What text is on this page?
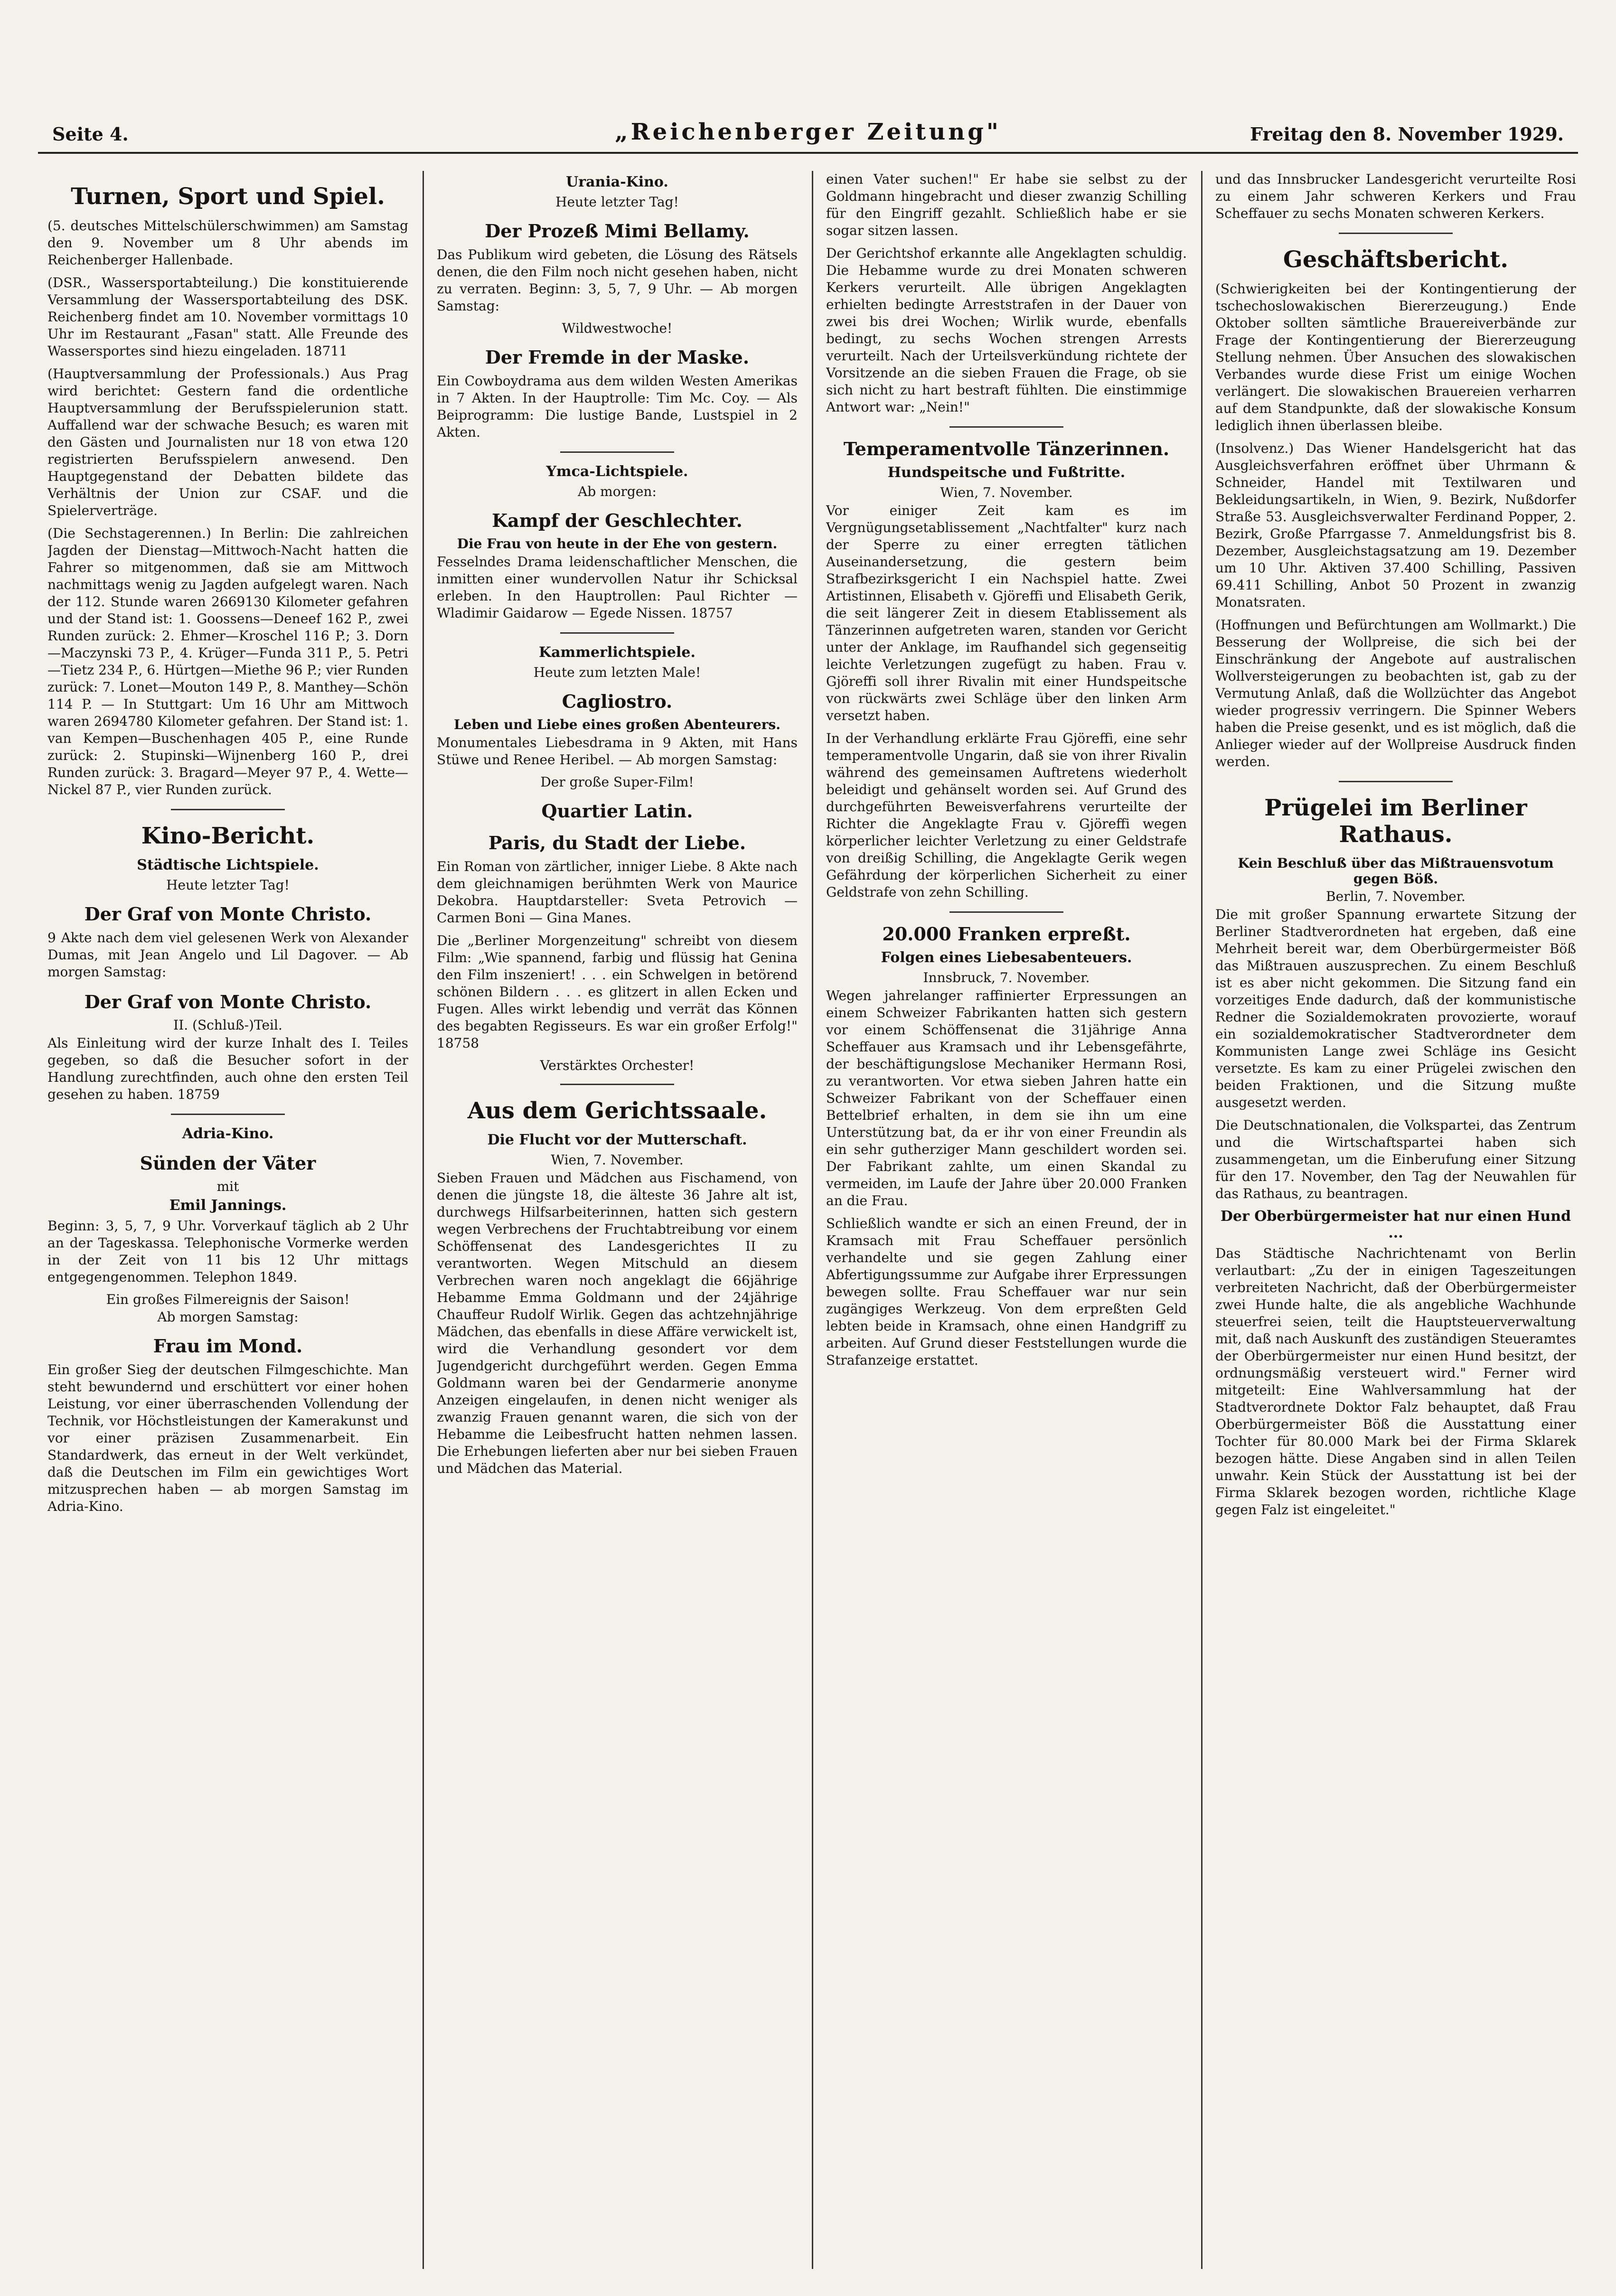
Seite 4.	„Reichenberger Zeitung"	Freitag den 8. November 1929.
Turnen, Sport und Spiel.

(5. deutsches Mittelschülerschwimmen) am Samstag den 9. November um 8 Uhr abends im Reichenberger Hallenbade.

(DSR., Wassersportabteilung.) Die konstituierende Versammlung der Wassersportabteilung des DSK. Reichenberg findet am 10. November vormittags 10 Uhr im Restaurant „Fasan" statt. Alle Freunde des Wassersportes sind hiezu eingeladen. 18711

(Hauptversammlung der Professionals.) Aus Prag wird berichtet: Gestern fand die ordentliche Hauptversammlung der Berufsspielerunion statt. Auffallend war der schwache Besuch; es waren mit den Gästen und Journalisten nur 18 von etwa 120 registrierten Berufsspielern anwesend. Den Hauptgegenstand der Debatten bildete das Verhältnis der Union zur CSAF. und die Spielerverträge.

(Die Sechstagerennen.) In Berlin: Die zahlreichen Jagden der Dienstag—Mittwoch-Nacht hatten die Fahrer so mitgenommen, daß sie am Mittwoch nachmittags wenig zu Jagden aufgelegt waren. Nach der 112. Stunde waren 2669130 Kilometer gefahren und der Stand ist: 1. Goossens—Deneef 162 P., zwei Runden zurück: 2. Ehmer—Kroschel 116 P.; 3. Dorn—Maczynski 73 P., 4. Krüger—Funda 311 P., 5. Petri—Tietz 234 P., 6. Hürtgen—Miethe 96 P.; vier Runden zurück: 7. Lonet—Mouton 149 P., 8. Manthey—Schön 114 P. — In Stuttgart: Um 16 Uhr am Mittwoch waren 2694780 Kilometer gefahren. Der Stand ist: 1. van Kempen—Buschenhagen 405 P., eine Runde zurück: 2. Stupinski—Wijnenberg 160 P., drei Runden zurück: 3. Bragard—Meyer 97 P., 4. Wette—Nickel 87 P., vier Runden zurück.

Kino-Bericht.
Städtische Lichtspiele.
Heute letzter Tag!
Der Graf von Monte Christo.

9 Akte nach dem viel gelesenen Werk von Alexander Dumas, mit Jean Angelo und Lil Dagover. — Ab morgen Samstag:

Der Graf von Monte Christo.
II. (Schluß-)Teil.

Als Einleitung wird der kurze Inhalt des I. Teiles gegeben, so daß die Besucher sofort in der Handlung zurechtfinden, auch ohne den ersten Teil gesehen zu haben. 18759

Adria-Kino.
Sünden der Väter
mit
Emil Jannings.

Beginn: 3, 5, 7, 9 Uhr. Vorverkauf täglich ab 2 Uhr an der Tageskassa. Telephonische Vormerke werden in der Zeit von 11 bis 12 Uhr mittags entgegengenommen. Telephon 1849.

Ein großes Filmereignis der Saison!
Ab morgen Samstag:
Frau im Mond.

Ein großer Sieg der deutschen Filmgeschichte. Man steht bewundernd und erschüttert vor einer hohen Leistung, vor einer überraschenden Vollendung der Technik, vor Höchstleistungen der Kamerakunst und vor einer präzisen Zusammenarbeit. Ein Standardwerk, das erneut in der Welt verkündet, daß die Deutschen im Film ein gewichtiges Wort mitzusprechen haben — ab morgen Samstag im Adria-Kino.

Urania-Kino.
Heute letzter Tag!
Der Prozeß Mimi Bellamy.

Das Publikum wird gebeten, die Lösung des Rätsels denen, die den Film noch nicht gesehen haben, nicht zu verraten. Beginn: 3, 5, 7, 9 Uhr. — Ab morgen Samstag:

Wildwestwoche!
Der Fremde in der Maske.

Ein Cowboydrama aus dem wilden Westen Amerikas in 7 Akten. In der Hauptrolle: Tim Mc. Coy. — Als Beiprogramm: Die lustige Bande, Lustspiel in 2 Akten.

Ymca-Lichtspiele.
Ab morgen:
Kampf der Geschlechter.
Die Frau von heute in der Ehe von gestern.

Fesselndes Drama leidenschaftlicher Menschen, die inmitten einer wundervollen Natur ihr Schicksal erleben. In den Hauptrollen: Paul Richter — Wladimir Gaidarow — Egede Nissen. 18757

Kammerlichtspiele.
Heute zum letzten Male!
Cagliostro.
Leben und Liebe eines großen Abenteurers.

Monumentales Liebesdrama in 9 Akten, mit Hans Stüwe und Renee Heribel. — Ab morgen Samstag:

Der große Super-Film!
Quartier Latin.
Paris, du Stadt der Liebe.

Ein Roman von zärtlicher, inniger Liebe. 8 Akte nach dem gleichnamigen berühmten Werk von Maurice Dekobra. Hauptdarsteller: Sveta Petrovich — Carmen Boni — Gina Manes.

Die „Berliner Morgenzeitung" schreibt von diesem Film: „Wie spannend, farbig und flüssig hat Genina den Film inszeniert! . . . ein Schwelgen in betörend schönen Bildern . . . es glitzert in allen Ecken und Fugen. Alles wirkt lebendig und verrät das Können des begabten Regisseurs. Es war ein großer Erfolg!" 18758

Verstärktes Orchester!
Aus dem Gerichtssaale.
Die Flucht vor der Mutterschaft.
Wien, 7. November.

Sieben Frauen und Mädchen aus Fischamend, von denen die jüngste 18, die älteste 36 Jahre alt ist, durchwegs Hilfsarbeiterinnen, hatten sich gestern wegen Verbrechens der Fruchtabtreibung vor einem Schöffensenat des Landesgerichtes II zu verantworten. Wegen Mitschuld an diesem Verbrechen waren noch angeklagt die 66jährige Hebamme Emma Goldmann und der 24jährige Chauffeur Rudolf Wirlik. Gegen das achtzehnjährige Mädchen, das ebenfalls in diese Affäre verwickelt ist, wird die Verhandlung gesondert vor dem Jugendgericht durchgeführt werden. Gegen Emma Goldmann waren bei der Gendarmerie anonyme Anzeigen eingelaufen, in denen nicht weniger als zwanzig Frauen genannt waren, die sich von der Hebamme die Leibesfrucht hatten nehmen lassen. Die Erhebungen lieferten aber nur bei sieben Frauen und Mädchen das Material.

einen Vater suchen!" Er habe sie selbst zu der Goldmann hingebracht und dieser zwanzig Schilling für den Eingriff gezahlt. Schließlich habe er sie sogar sitzen lassen.

Der Gerichtshof erkannte alle Angeklagten schuldig. Die Hebamme wurde zu drei Monaten schweren Kerkers verurteilt. Alle übrigen Angeklagten erhielten bedingte Arreststrafen in der Dauer von zwei bis drei Wochen; Wirlik wurde, ebenfalls bedingt, zu sechs Wochen strengen Arrests verurteilt. Nach der Urteilsverkündung richtete der Vorsitzende an die sieben Frauen die Frage, ob sie sich nicht zu hart bestraft fühlten. Die einstimmige Antwort war: „Nein!"

Temperamentvolle Tänzerinnen.
Hundspeitsche und Fußtritte.
Wien, 7. November.

Vor einiger Zeit kam es im Vergnügungsetablissement „Nachtfalter" kurz nach der Sperre zu einer erregten tätlichen Auseinandersetzung, die gestern beim Strafbezirksgericht I ein Nachspiel hatte. Zwei Artistinnen, Elisabeth v. Gjöreffi und Elisabeth Gerik, die seit längerer Zeit in diesem Etablissement als Tänzerinnen aufgetreten waren, standen vor Gericht unter der Anklage, im Raufhandel sich gegenseitig leichte Verletzungen zugefügt zu haben. Frau v. Gjöreffi soll ihrer Rivalin mit einer Hundspeitsche von rückwärts zwei Schläge über den linken Arm versetzt haben.

In der Verhandlung erklärte Frau Gjöreffi, eine sehr temperamentvolle Ungarin, daß sie von ihrer Rivalin während des gemeinsamen Auftretens wiederholt beleidigt und gehänselt worden sei. Auf Grund des durchgeführten Beweisverfahrens verurteilte der Richter die Angeklagte Frau v. Gjöreffi wegen körperlicher leichter Verletzung zu einer Geldstrafe von dreißig Schilling, die Angeklagte Gerik wegen Gefährdung der körperlichen Sicherheit zu einer Geldstrafe von zehn Schilling.

20.000 Franken erpreßt.
Folgen eines Liebesabenteuers.
Innsbruck, 7. November.

Wegen jahrelanger raffinierter Erpressungen an einem Schweizer Fabrikanten hatten sich gestern vor einem Schöffensenat die 31jährige Anna Scheffauer aus Kramsach und ihr Lebensgefährte, der beschäftigungslose Mechaniker Hermann Rosi, zu verantworten. Vor etwa sieben Jahren hatte ein Schweizer Fabrikant von der Scheffauer einen Bettelbrief erhalten, in dem sie ihn um eine Unterstützung bat, da er ihr von einer Freundin als ein sehr gutherziger Mann geschildert worden sei. Der Fabrikant zahlte, um einen Skandal zu vermeiden, im Laufe der Jahre über 20.000 Franken an die Frau.

Schließlich wandte er sich an einen Freund, der in Kramsach mit Frau Scheffauer persönlich verhandelte und sie gegen Zahlung einer Abfertigungssumme zur Aufgabe ihrer Erpressungen bewegen sollte. Frau Scheffauer war nur sein zugängiges Werkzeug. Von dem erpreßten Geld lebten beide in Kramsach, ohne einen Handgriff zu arbeiten. Auf Grund dieser Feststellungen wurde die Strafanzeige erstattet.

und das Innsbrucker Landesgericht verurteilte Rosi zu einem Jahr schweren Kerkers und Frau Scheffauer zu sechs Monaten schweren Kerkers.

Geschäftsbericht.

(Schwierigkeiten bei der Kontingentierung der tschechoslowakischen Biererzeugung.) Ende Oktober sollten sämtliche Brauereiverbände zur Frage der Kontingentierung der Biererzeugung Stellung nehmen. Über Ansuchen des slowakischen Verbandes wurde diese Frist um einige Wochen verlängert. Die slowakischen Brauereien verharren auf dem Standpunkte, daß der slowakische Konsum lediglich ihnen überlassen bleibe.

(Insolvenz.) Das Wiener Handelsgericht hat das Ausgleichsverfahren eröffnet über Uhrmann & Schneider, Handel mit Textilwaren und Bekleidungsartikeln, in Wien, 9. Bezirk, Nußdorfer Straße 53. Ausgleichsverwalter Ferdinand Popper, 2. Bezirk, Große Pfarrgasse 7. Anmeldungsfrist bis 8. Dezember, Ausgleichstagsatzung am 19. Dezember um 10 Uhr. Aktiven 37.400 Schilling, Passiven 69.411 Schilling, Anbot 50 Prozent in zwanzig Monatsraten.

(Hoffnungen und Befürchtungen am Wollmarkt.) Die Besserung der Wollpreise, die sich bei der Einschränkung der Angebote auf australischen Wollversteigerungen zu beobachten ist, gab zu der Vermutung Anlaß, daß die Wollzüchter das Angebot wieder progressiv verringern. Die Spinner Webers haben die Preise gesenkt, und es ist möglich, daß die Anlieger wieder auf der Wollpreise Ausdruck finden werden.

Prügelei im Berliner Rathaus.
Kein Beschluß über das Mißtrauensvotum gegen Böß.
Berlin, 7. November.

Die mit großer Spannung erwartete Sitzung der Berliner Stadtverordneten hat ergeben, daß eine Mehrheit bereit war, dem Oberbürgermeister Böß das Mißtrauen auszusprechen. Zu einem Beschluß ist es aber nicht gekommen. Die Sitzung fand ein vorzeitiges Ende dadurch, daß der kommunistische Redner die Sozialdemokraten provozierte, worauf ein sozialdemokratischer Stadtverordneter dem Kommunisten Lange zwei Schläge ins Gesicht versetzte. Es kam zu einer Prügelei zwischen den beiden Fraktionen, und die Sitzung mußte ausgesetzt werden.

Die Deutschnationalen, die Volkspartei, das Zentrum und die Wirtschaftspartei haben sich zusammengetan, um die Einberufung einer Sitzung für den 17. November, den Tag der Neuwahlen für das Rathaus, zu beantragen.

Der Oberbürgermeister hat nur einen Hund ...

Das Städtische Nachrichtenamt von Berlin verlautbart: „Zu der in einigen Tageszeitungen verbreiteten Nachricht, daß der Oberbürgermeister zwei Hunde halte, die als angebliche Wachhunde steuerfrei seien, teilt die Hauptsteuerverwaltung mit, daß nach Auskunft des zuständigen Steueramtes der Oberbürgermeister nur einen Hund besitzt, der ordnungsmäßig versteuert wird." Ferner wird mitgeteilt: Eine Wahlversammlung hat der Stadtverordnete Doktor Falz behauptet, daß Frau Oberbürgermeister Böß die Ausstattung einer Tochter für 80.000 Mark bei der Firma Sklarek bezogen hätte. Diese Angaben sind in allen Teilen unwahr. Kein Stück der Ausstattung ist bei der Firma Sklarek bezogen worden, richtliche Klage gegen Falz ist eingeleitet."
